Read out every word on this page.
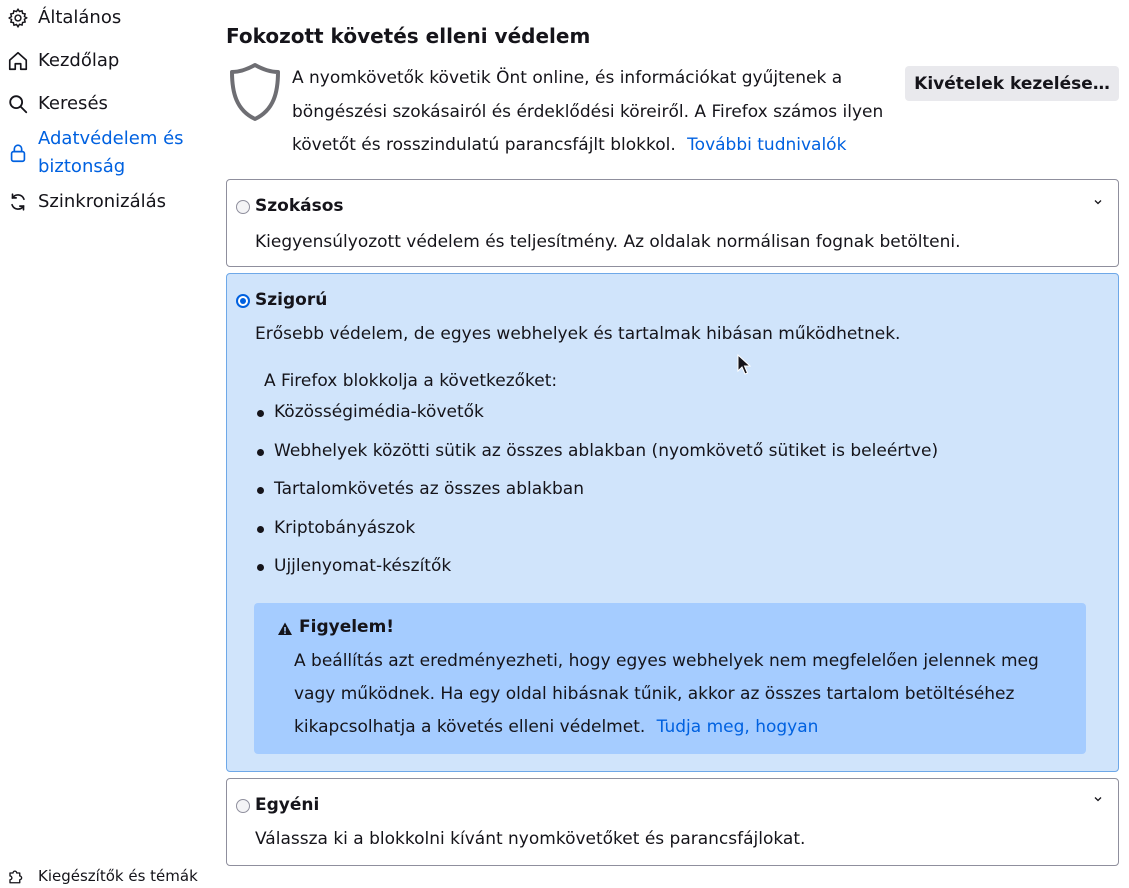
Általános
Kezdőlap
Keresés
Adatvédelem és biztonság
Szinkronizálás
Kiegészítők és témák
Fokozott követés elleni védelem

A nyomkövetők követik Önt online, és információkat gyűjtenek a böngészési szokásairól és érdeklődési köreiről. A Firefox számos ilyen követőt és rosszindulatú parancsfájlt blokkol. További tudnivalók

Kivételek kezelése…
Szokásos
Kiegyensúlyozott védelem és teljesítmény. Az oldalak normálisan fognak betölteni.
Szigorú
Erősebb védelem, de egyes webhelyek és tartalmak hibásan működhetnek.
A Firefox blokkolja a következőket:
Közösségimédia-követők
Webhelyek közötti sütik az összes ablakban (nyomkövető sütiket is beleértve)
Tartalomkövetés az összes ablakban
Kriptobányászok
Ujjlenyomat-készítők
Figyelem!

A beállítás azt eredményezheti, hogy egyes webhelyek nem megfelelően jelennek meg vagy működnek. Ha egy oldal hibásnak tűnik, akkor az összes tartalom betöltéséhez kikapcsolhatja a követés elleni védelmet. Tudja meg, hogyan

Egyéni
Válassza ki a blokkolni kívánt nyomkövetőket és parancsfájlokat.
